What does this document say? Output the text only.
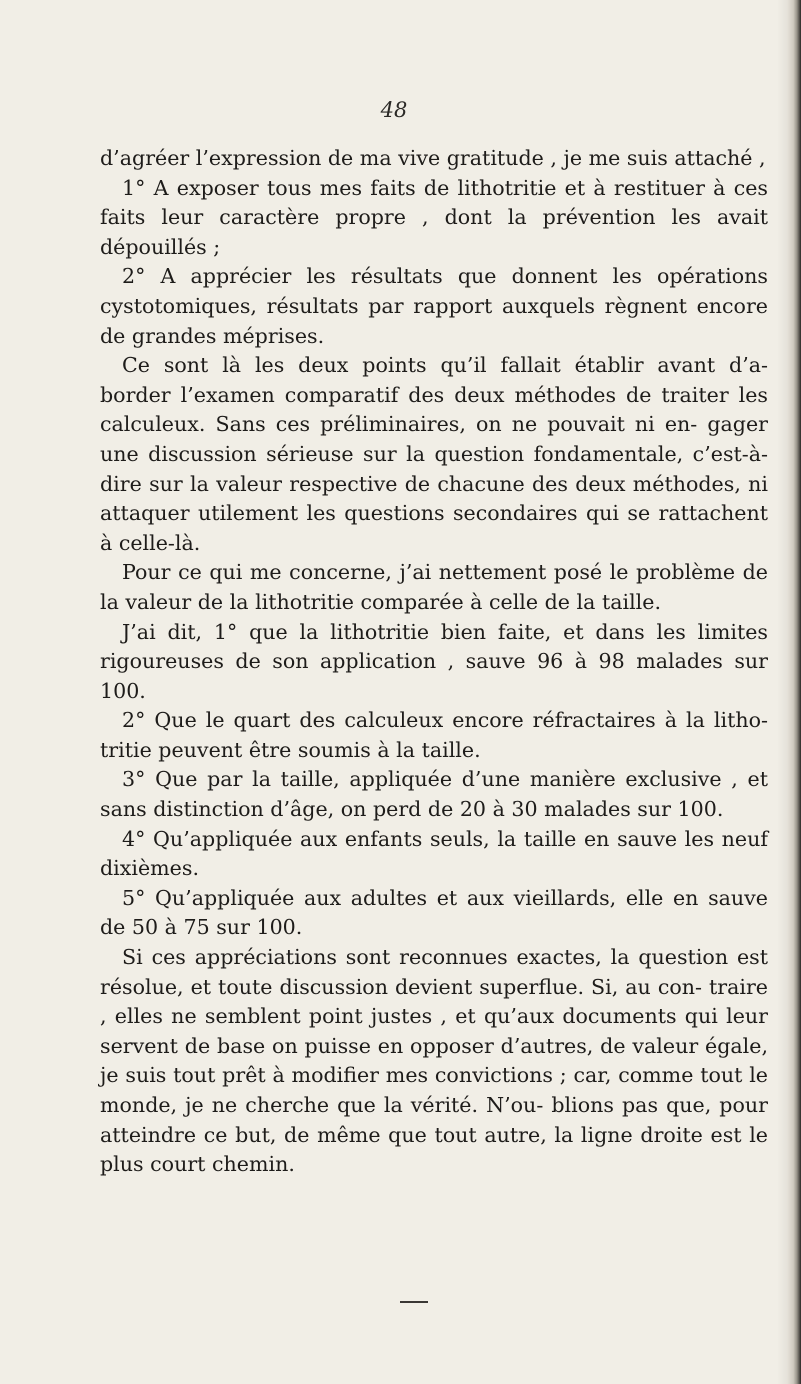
48

d’agréer l’expression de ma vive gratitude , je me suis attaché ,

1° A exposer tous mes faits de lithotritie et à restituer à ces faits leur caractère propre , dont la prévention les avait dépouillés ;

2° A apprécier les résultats que donnent les opérations cystotomiques, résultats par rapport auxquels règnent encore de grandes méprises.

Ce sont là les deux points qu’il fallait établir avant d’a- border l’examen comparatif des deux méthodes de traiter les calculeux. Sans ces préliminaires, on ne pouvait ni en- gager une discussion sérieuse sur la question fondamentale, c’est-à-dire sur la valeur respective de chacune des deux méthodes, ni attaquer utilement les questions secondaires qui se rattachent à celle-là.

Pour ce qui me concerne, j’ai nettement posé le problème de la valeur de la lithotritie comparée à celle de la taille.

J’ai dit, 1° que la lithotritie bien faite, et dans les limites rigoureuses de son application , sauve 96 à 98 malades sur 100.

2° Que le quart des calculeux encore réfractaires à la litho- tritie peuvent être soumis à la taille.

3° Que par la taille, appliquée d’une manière exclusive , et sans distinction d’âge, on perd de 20 à 30 malades sur 100.

4° Qu’appliquée aux enfants seuls, la taille en sauve les neuf dixièmes.

5° Qu’appliquée aux adultes et aux vieillards, elle en sauve de 50 à 75 sur 100.

Si ces appréciations sont reconnues exactes, la question est résolue, et toute discussion devient superflue. Si, au con- traire , elles ne semblent point justes , et qu’aux documents qui leur servent de base on puisse en opposer d’autres, de valeur égale, je suis tout prêt à modifier mes convictions ; car, comme tout le monde, je ne cherche que la vérité. N’ou- blions pas que, pour atteindre ce but, de même que tout autre, la ligne droite est le plus court chemin.
